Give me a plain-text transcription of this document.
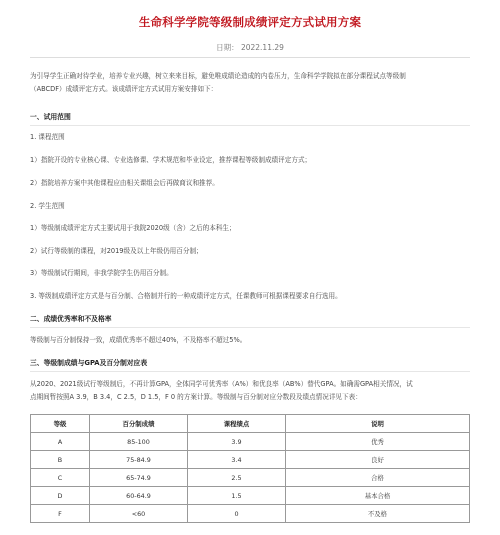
生命科学学院等级制成绩评定方式试用方案
日期： 2022.11.29
为引导学生正确对待学业，培养专业兴趣，树立来来目标，避免唯成绩论造成的内卷压力，生命科学学院拟在部分课程试点等级制
（ABCDF）成绩评定方式。该成绩评定方式试用方案安排如下：
一、试用范围
1. 课程范围
1）指院开设的专业核心课、专业选修课、学术规范和毕业设定，推荐课程等级制成绩评定方式；
2）指院培养方案中其他课程应由相关课组会后再做商议和推荐。
2. 学生范围
1）等级制成绩评定方式主要试用于我院2020级（含）之后的本科生；
2）试行等级制的课程，对2019级及以上年级仍用百分制；
3）等级制试行期间，非我学院学生仍用百分制。
3. 等级制成绩评定方式是与百分制、合格制并行的一种成绩评定方式，任课教师可根据课程要求自行选用。
二、成绩优秀率和不及格率
等级制与百分制保持一致，成绩优秀率不超过40%，不及格率不超过5%。
三、等级制成绩与GPA及百分制对应表
从2020、2021级试行等级制后，不再计算GPA，全体同学可优秀率（A%）和优良率（AB%）替代GPA。如确需GPA相关情况，试
点期间暂按照A 3.9，B 3.4，C 2.5，D 1.5，F 0 的方案计算。等级制与百分制对应分数段及绩点情况详见下表：
等级	百分制成绩	课程绩点	说明
A	85-100	3.9	优秀
B	75-84.9	3.4	良好
C	65-74.9	2.5	合格
D	60-64.9	1.5	基本合格
F	<60	0	不及格
